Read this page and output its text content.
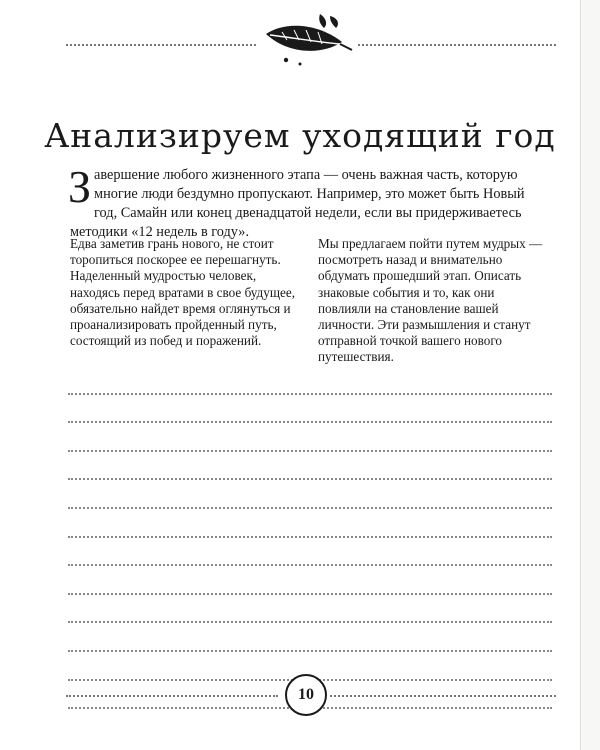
Анализируем уходящий год
Завершение любого жизненного этапа — очень важная часть, которую многие люди бездумно пропускают. Например, это может быть Новый год, Самайн или конец двенадцатой недели, если вы придерживаетесь методики «12 недель в году».
Едва заметив грань нового, не стоит торопиться поскорее ее перешагнуть. Наделенный мудростью человек, находясь перед вратами в свое будущее, обязательно найдет время оглянуться и проанализировать пройденный путь, состоящий из побед и поражений.
Мы предлагаем пойти путем мудрых — посмотреть назад и внимательно обдумать прошедший этап. Описать знаковые события и то, как они повлияли на становление вашей личности. Эти размышления и станут отправной точкой вашего нового путешествия.
10
